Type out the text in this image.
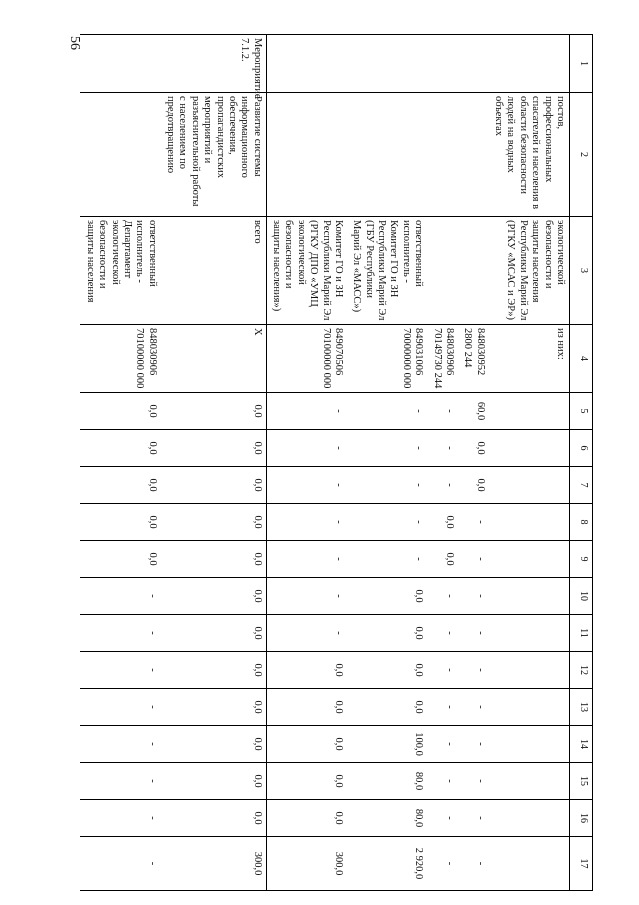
56
1	2	3	4	5	6	7	8	9	10	11	12	13	14	15	16	17
	постов, профессиональных спасателей и населения в области безопасности людей на водных объектах	экологической безопасности и защиты населения Республики Марий Эл (РГКУ «МСАС и ЭР»)	из них:													
			848030952 2800 244	60,0	0,0	0,0	-	-	-	-	-	-	-	-	-	-
			848030906 70149730 244	-	-	-	0,0	0,0	-	-	-	-	-	-	-	-
		ответственный исполнитель - Комитет ГО и ЗН Республики Марий Эл (ГБУ Республики Марий Эл «МАСС»)	849031006 70000000 000	-	-	-	-	-	0,0	0,0	0,0	0,0	100,0	80,0	80,0	2 920,0
		Комитет ГО и ЗН Республики Марий Эл (РГКУ ДПО «УМЦ экологической безопасности и защиты населения»)	849070506 70100000 000	-	-	-	-	-	-	-	0,0	0,0	0,0	0,0	0,0	300,0
Мероприятие 7.1.2.	Развитие системы информационного обеспечения, пропагандистских мероприятий и разъяснительной работы с населением по предотвращению	всего	X	0,0	0,0	0,0	0,0	0,0	0,0	0,0	0,0	0,0	0,0	0,0	0,0	300,0
		ответственный исполнитель - Департамент экологической безопасности и защиты населения	848030906 70100000 000	0,0	0,0	0,0	0,0	0,0	-	-	-	-	-	-	-	-
